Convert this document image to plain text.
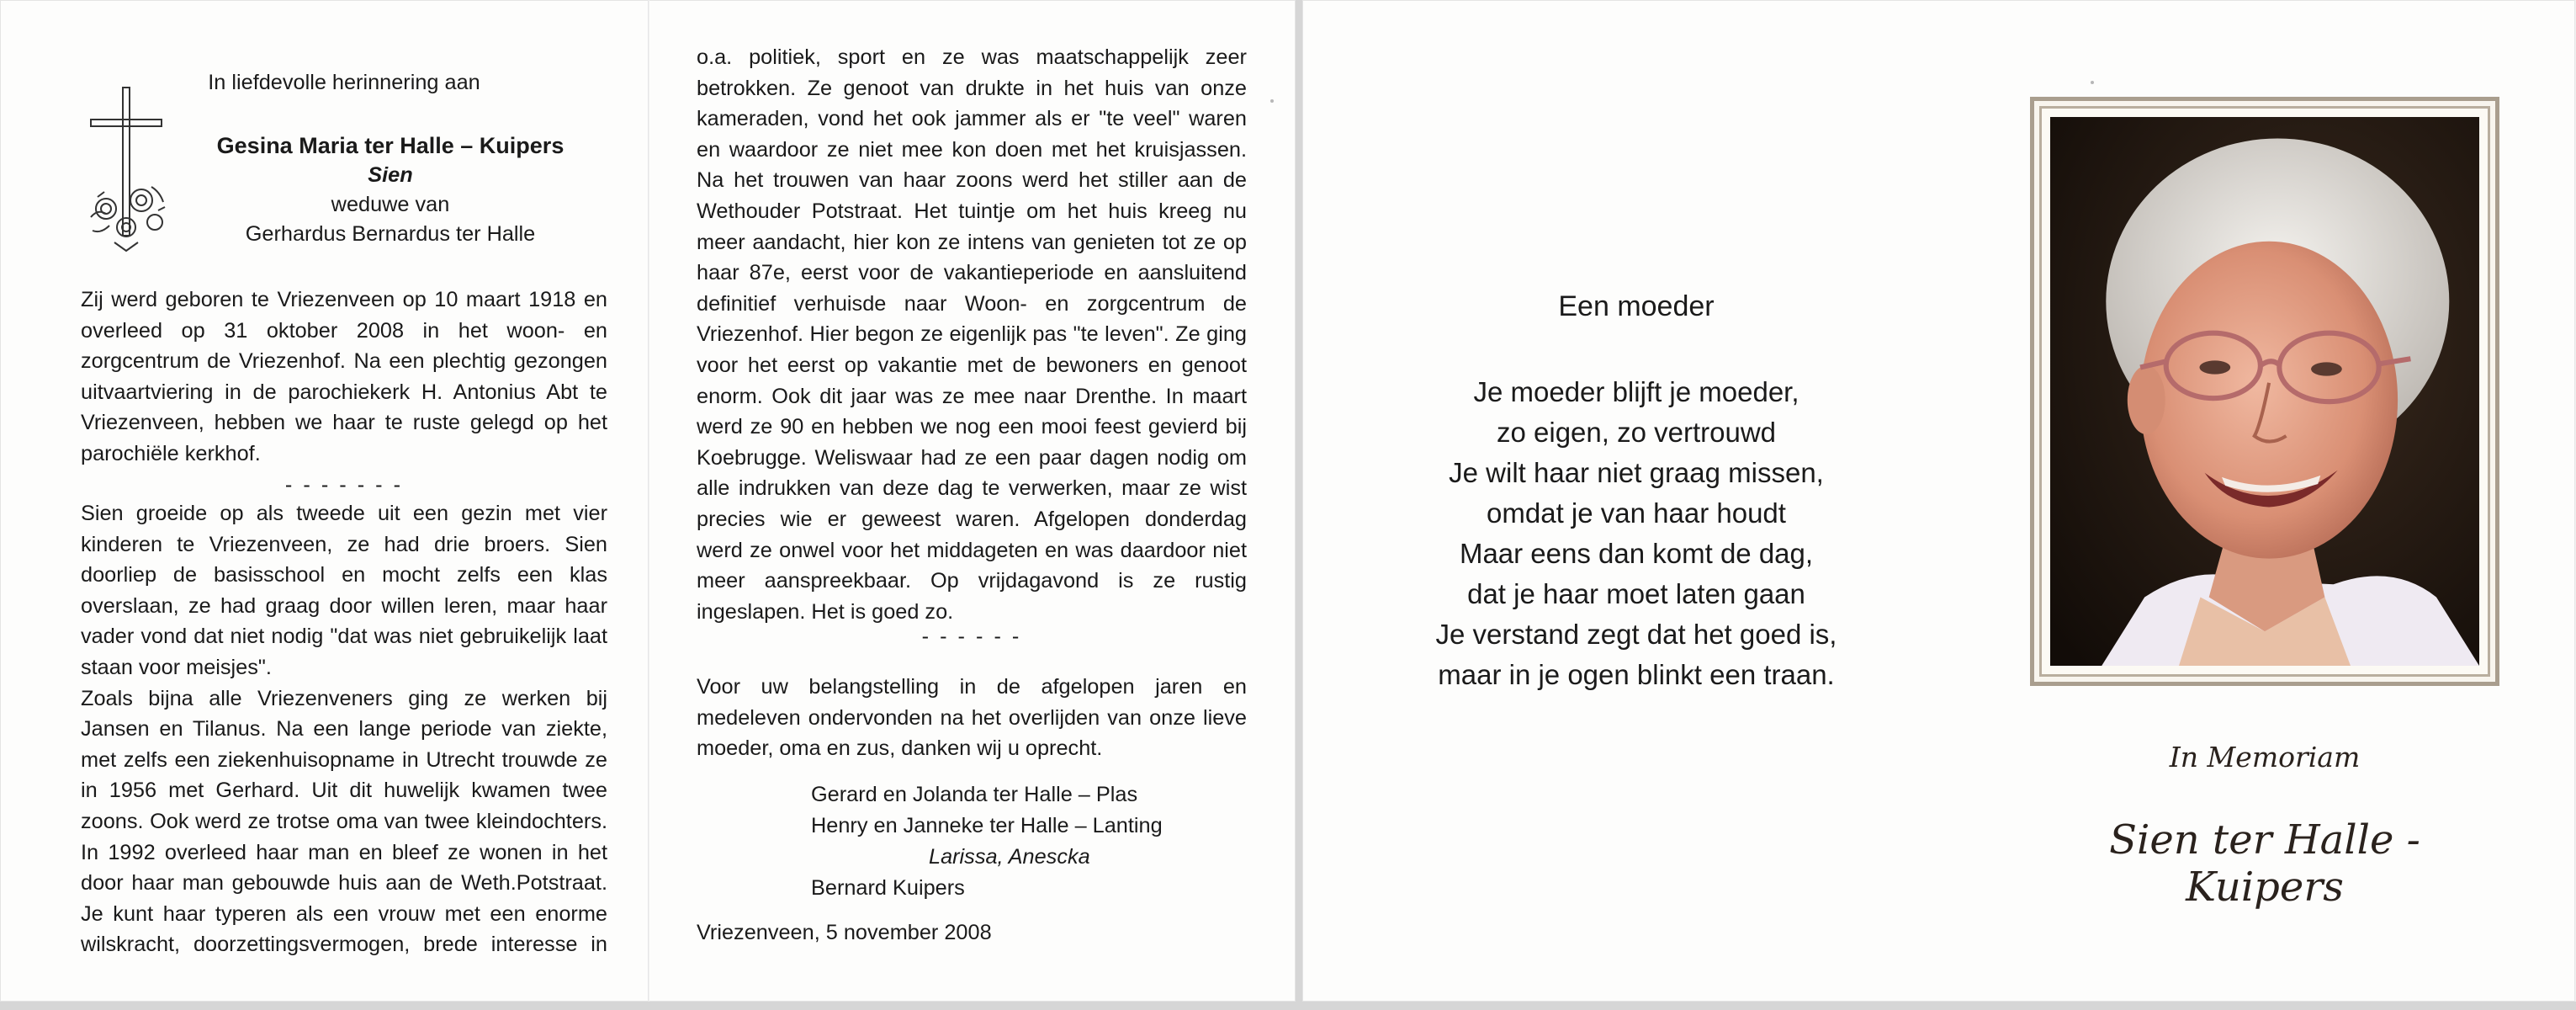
In liefdevolle herinnering aan
Gesina Maria ter Halle – Kuipers
Sien
weduwe van
Gerhardus Bernardus ter Halle
Zij werd geboren te Vriezenveen op 10 maart 1918 en
overleed op 31 oktober 2008 in het woon- en
zorgcentrum de Vriezenhof. Na een plechtig gezongen
uitvaartviering in de parochiekerk H. Antonius Abt te
Vriezenveen, hebben we haar te ruste gelegd op het
parochiële kerkhof.
- - - - - - -
Sien groeide op als tweede uit een gezin met vier
kinderen te Vriezenveen, ze had drie broers. Sien
doorliep de basisschool en mocht zelfs een klas
overslaan, ze had graag door willen leren, maar haar
vader vond dat niet nodig "dat was niet gebruikelijk laat
staan voor meisjes".
Zoals bijna alle Vriezenveners ging ze werken bij
Jansen en Tilanus. Na een lange periode van ziekte,
met zelfs een ziekenhuisopname in Utrecht trouwde ze
in 1956 met Gerhard. Uit dit huwelijk kwamen twee
zoons. Ook werd ze trotse oma van twee kleindochters.
In 1992 overleed haar man en bleef ze wonen in het
door haar man gebouwde huis aan de Weth.Potstraat.
Je kunt haar typeren als een vrouw met een enorme
wilskracht, doorzettingsvermogen, brede interesse in
o.a. politiek, sport en ze was maatschappelijk zeer
betrokken. Ze genoot van drukte in het huis van onze
kameraden, vond het ook jammer als er "te veel" waren
en waardoor ze niet mee kon doen met het kruisjassen.
Na het trouwen van haar zoons werd het stiller aan de
Wethouder Potstraat. Het tuintje om het huis kreeg nu
meer aandacht, hier kon ze intens van genieten tot ze op
haar 87e, eerst voor de vakantieperiode en aansluitend
definitief verhuisde naar Woon- en zorgcentrum de
Vriezenhof. Hier begon ze eigenlijk pas "te leven". Ze ging
voor het eerst op vakantie met de bewoners en genoot
enorm. Ook dit jaar was ze mee naar Drenthe. In maart
werd ze 90 en hebben we nog een mooi feest gevierd bij
Koebrugge. Weliswaar had ze een paar dagen nodig om
alle indrukken van deze dag te verwerken, maar ze wist
precies wie er geweest waren. Afgelopen donderdag
werd ze onwel voor het middageten en was daardoor niet
meer aanspreekbaar. Op vrijdagavond is ze rustig
ingeslapen. Het is goed zo.
- - - - - -
Voor uw belangstelling in de afgelopen jaren en
medeleven ondervonden na het overlijden van onze lieve
moeder, oma en zus, danken wij u oprecht.
Gerard en Jolanda ter Halle – Plas
Henry en Janneke ter Halle – Lanting
Larissa, Anescka
Bernard Kuipers
Vriezenveen, 5 november 2008
Een moeder
Je moeder blijft je moeder,
zo eigen, zo vertrouwd
Je wilt haar niet graag missen,
omdat je van haar houdt
Maar eens dan komt de dag,
dat je haar moet laten gaan
Je verstand zegt dat het goed is,
maar in je ogen blinkt een traan.
In Memoriam
Sien ter Halle - Kuipers
